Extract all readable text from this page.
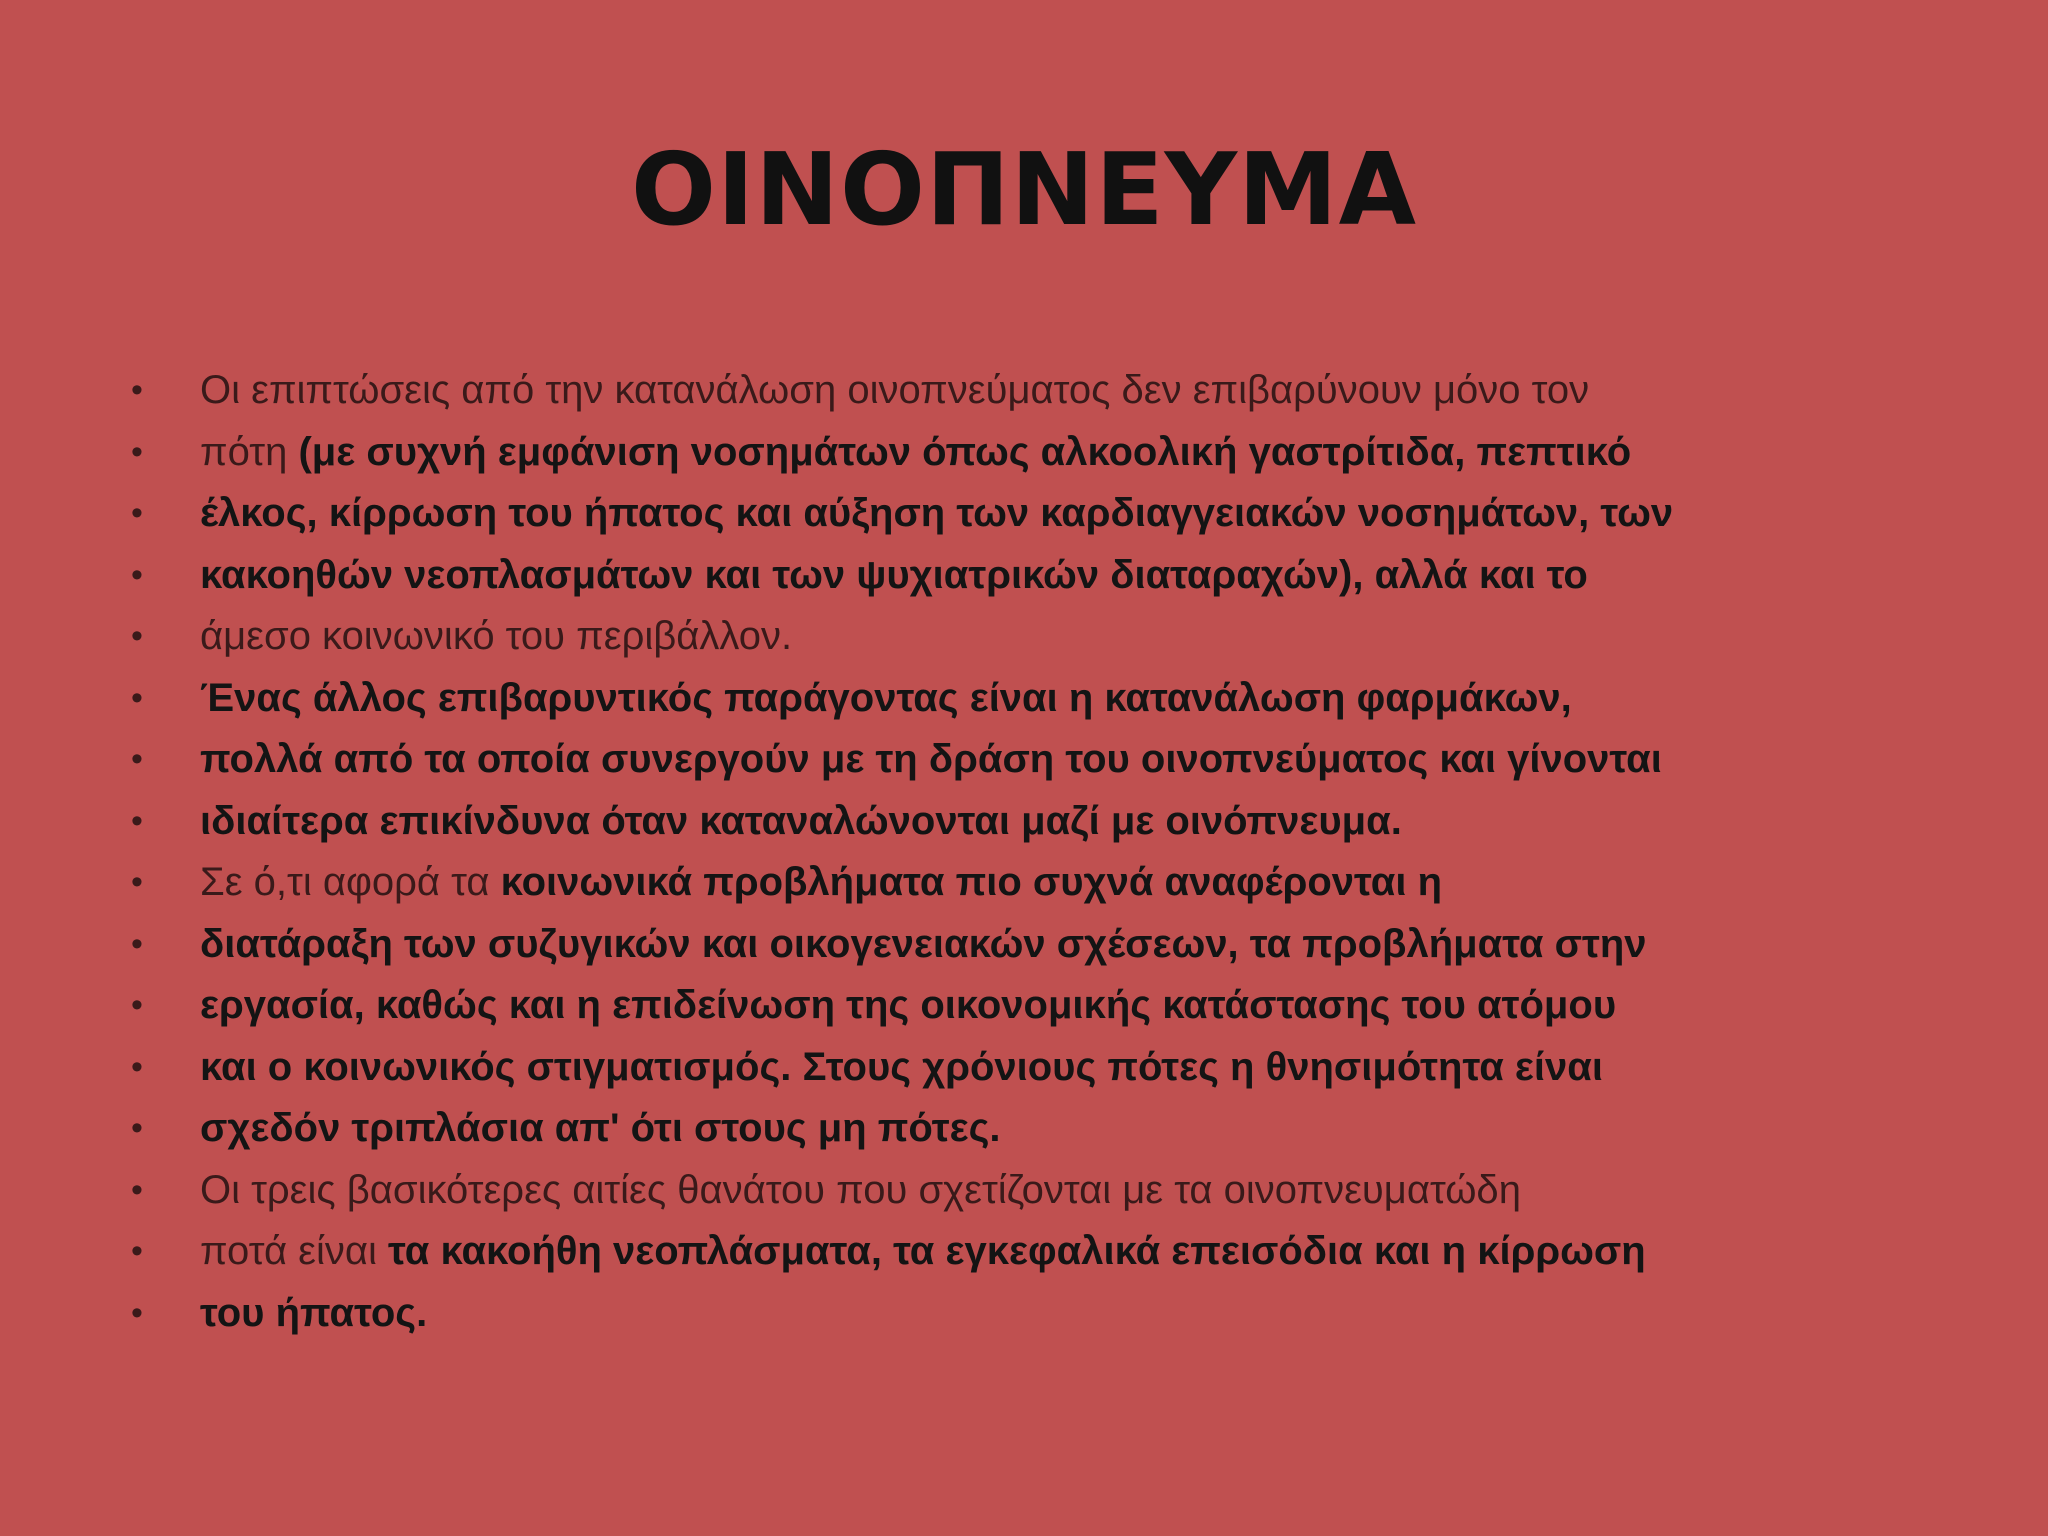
ΟΙΝΟΠΝΕΥΜΑ
• Οι επιπτώσεις από την κατανάλωση οινοπνεύματος δεν επιβαρύνουν μόνο τον
• πότη (με συχνή εμφάνιση νοσημάτων όπως αλκοολική γαστρίτιδα, πεπτικό
• έλκος, κίρρωση του ήπατος και αύξηση των καρδιαγγειακών νοσημάτων, των
• κακοηθών νεοπλασμάτων και των ψυχιατρικών διαταραχών), αλλά και το
• άμεσο κοινωνικό του περιβάλλον.
• Ένας άλλος επιβαρυντικός παράγοντας είναι η κατανάλωση φαρμάκων,
• πολλά από τα οποία συνεργούν με τη δράση του οινοπνεύματος και γίνονται
• ιδιαίτερα επικίνδυνα όταν καταναλώνονται μαζί με οινόπνευμα.
• Σε ό,τι αφορά τα κοινωνικά προβλήματα πιο συχνά αναφέρονται η
• διατάραξη των συζυγικών και οικογενειακών σχέσεων, τα προβλήματα στην
• εργασία, καθώς και η επιδείνωση της οικονομικής κατάστασης του ατόμου
• και ο κοινωνικός στιγματισμός. Στους χρόνιους πότες η θνησιμότητα είναι
• σχεδόν τριπλάσια απ' ότι στους μη πότες.
• Οι τρεις βασικότερες αιτίες θανάτου που σχετίζονται με τα οινοπνευματώδη
• ποτά είναι τα κακοήθη νεοπλάσματα, τα εγκεφαλικά επεισόδια και η κίρρωση
• του ήπατος.
